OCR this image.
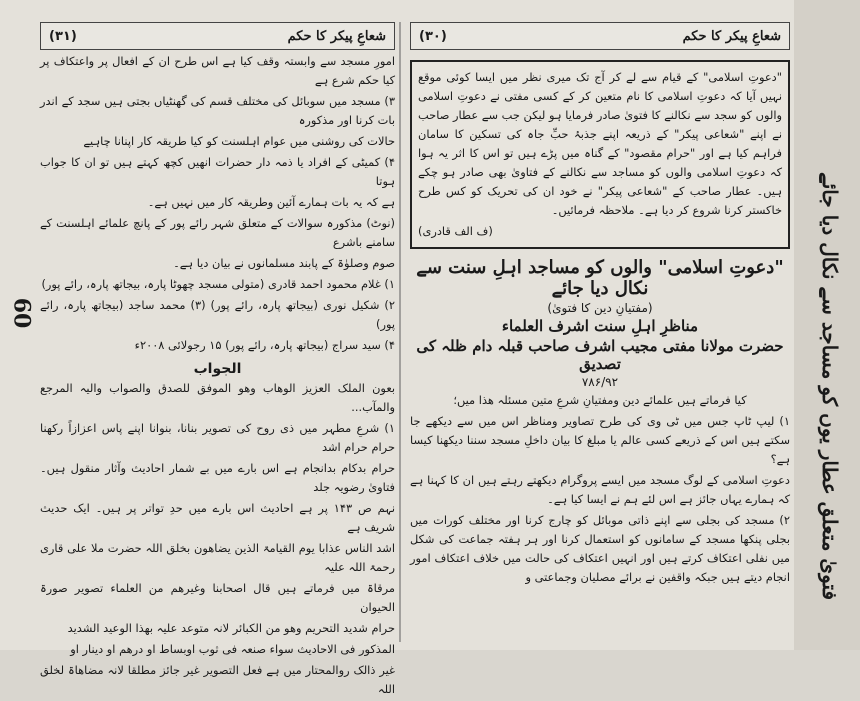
60
شعاعِ پیکر کا حکم
(۳۱)

امورِ مسجد سے وابستہ وقف کیا ہے اس طرح ان کے افعال پر واعتکاف پر کیا حکم شرع ہے

۳) مسجد میں سوبائل کی مختلف قسم کی گھنٹیاں بجتی ہیں سجد کے اندر بات کرنا اور مذکورہ

حالات کی روشنی میں عوام اہلسنت کو کیا طریقہ کار اپنانا چاہیے

۴) کمیٹی کے افراد یا ذمہ دار حضرات انھیں کچھ کہتے ہیں تو ان کا جواب ہوتا

ہے کہ یہ بات ہمارے آئین وطریقہ کار میں نہیں ہے۔

(نوٹ) مذکورہ سوالات کے متعلق شہر رائے پور کے پانچ علمائے اہلسنت کے سامنے باشرع

صوم وصلوٰۃ کے پابند مسلمانوں نے بیان دیا ہے۔

۱) غلام محمود احمد قادری (متولی مسجد چھوٹا پارہ، بیجاتھ پارہ، رائے پور)

۲) شکیل نوری (بیجاتھ پارہ، رائے پور) (۳) محمد ساجد (بیجاتھ پارہ، رائے پور)

۴) سید سراج (بیجاتھ پارہ، رائے پور) ۱۵ رجولائی ۲۰۰۸ء

الجواب

بعون الملک العزیز الوھاب وھو الموفق للصدق والصواب والیہ المرجع والمآب...

۱) شرعِ مطہر میں ذی روح کی تصویر بنانا، بنوانا اپنے پاس اعزازاً رکھنا حرام حرام اشد

حرام بدکام بدانجام ہے اس بارے میں بے شمار احادیث وآثار منقول ہیں۔ فتاویٰ رضویہ جلد

نہم ص ۱۴۳ پر ہے احادیث اس بارے میں حدِ تواتر پر ہیں۔ ایک حدیث شریف ہے

اشد الناس عذابا یوم القیامۃ الذین یضاھون بخلق اللہ حضرت ملا علی قاری رحمۃ اللہ علیہ

مرقاۃ میں فرماتے ہیں قال اصحابنا وغیرھم من العلماء تصویر صورۃ الحیوان

حرام شدید التحریم وھو من الکبائر لانہ متوعد علیہ بھذا الوعید الشدید

المذکور فی الاحادیث سواء صنعہ فی ثوب اوبساط او درھم او دینار او

غیر ذالک روالمحتار میں ہے فعل التصویر غیر جائز مطلقا لانہ مضاھاۃ لخلق اللہ

شعاعِ پیکر کا حکم
(۳۰)

"دعوتِ اسلامی" کے قیام سے لے کر آج تک میری نظر میں ایسا کوئی موقع نہیں آیا کہ دعوتِ اسلامی کا نام متعین کر کے کسی مفتی نے دعوتِ اسلامی والوں کو سجد سے نکالنے کا فتویٰ صادر فرمایا ہو لیکن جب سے عطار صاحب نے اپنے "شعاعی پیکر" کے ذریعہ اپنے جذبۂ حبِّ جاہ کی تسکین کا سامان فراہم کیا ہے اور "حرام مقصود" کے گناہ میں پڑے ہیں تو اس کا اثر یہ ہوا کہ دعوتِ اسلامی والوں کو مساجد سے نکالنے کے فتاویٰ بھی صادر ہو چکے ہیں۔ عطار صاحب کے "شعاعی پیکر" نے خود ان کی تحریک کو کس طرح خاکستر کرنا شروع کر دیا ہے۔ ملاحظہ فرمائیں۔

(ف الف قادری)

"دعوتِ اسلامی" والوں کو مساجد اہلِ سنت سے نکال دیا جائے
(مفتیانِ دین کا فتویٰ)
مناظرِ اہلِ سنت اشرف العلماء
حضرت مولانا مفتی مجیب اشرف صاحب قبلہ دام ظلہ کی تصدیق
۷۸۶/۹۲

کیا فرماتے ہیں علمائے دین ومفتیانِ شرعِ متین مسئلہ ھذا میں؛

۱) لیپ ٹاپ جس میں ٹی وی کی طرح تصاویر ومناظر اس میں سے دیکھے جا سکتے ہیں اس کے ذریعے کسی عالم یا مبلغ کا بیان داخلِ مسجد سننا دیکھنا کیسا ہے؟

دعوتِ اسلامی کے لوگ مسجد میں ایسے پروگرام دیکھتے رہتے ہیں ان کا کہنا ہے کہ ہمارے یہاں جائز ہے اس لئے ہم نے ایسا کیا ہے۔

۲) مسجد کی بجلی سے اپنے ذاتی موبائل کو چارج کرنا اور مختلف کورات میں بجلی پنکھا مسجد کے سامانوں کو استعمال کرنا اور ہر ہفتہ جماعت کی شکل میں نفلی اعتکاف کرتے ہیں اور انہیں اعتکاف کی حالت میں خلاف اعتکاف امور انجام دیتے ہیں جبکہ واقفین نے برائے مصلیان وجماعتی و	فتویٰ متعلق عطار یوں کو مساجد سے نکال دیا جائے
